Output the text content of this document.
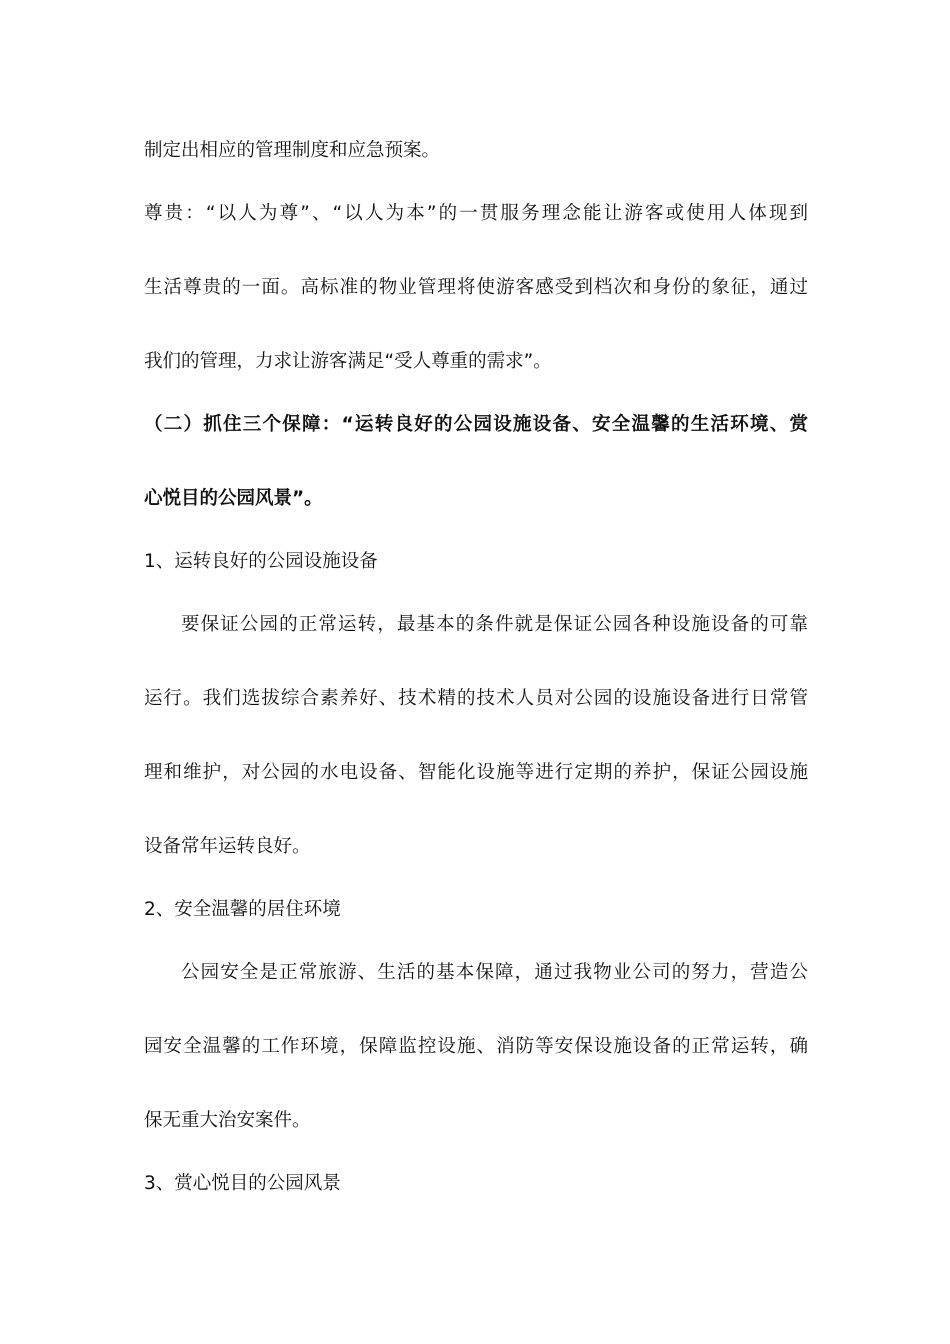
制定出相应的管理制度和应急预案。
尊贵：“以人为尊”、“以人为本”的一贯服务理念能让游客或使用人体现到
生活尊贵的一面。高标准的物业管理将使游客感受到档次和身份的象征，通过
我们的管理，力求让游客满足“受人尊重的需求”。
（二）抓住三个保障：“运转良好的公园设施设备、安全温馨的生活环境、赏
心悦目的公园风景”。
1、运转良好的公园设施设备
要保证公园的正常运转，最基本的条件就是保证公园各种设施设备的可靠
运行。我们选拔综合素养好、技术精的技术人员对公园的设施设备进行日常管
理和维护，对公园的水电设备、智能化设施等进行定期的养护，保证公园设施
设备常年运转良好。
2、安全温馨的居住环境
公园安全是正常旅游、生活的基本保障，通过我物业公司的努力，营造公
园安全温馨的工作环境，保障监控设施、消防等安保设施设备的正常运转，确
保无重大治安案件。
3、赏心悦目的公园风景
